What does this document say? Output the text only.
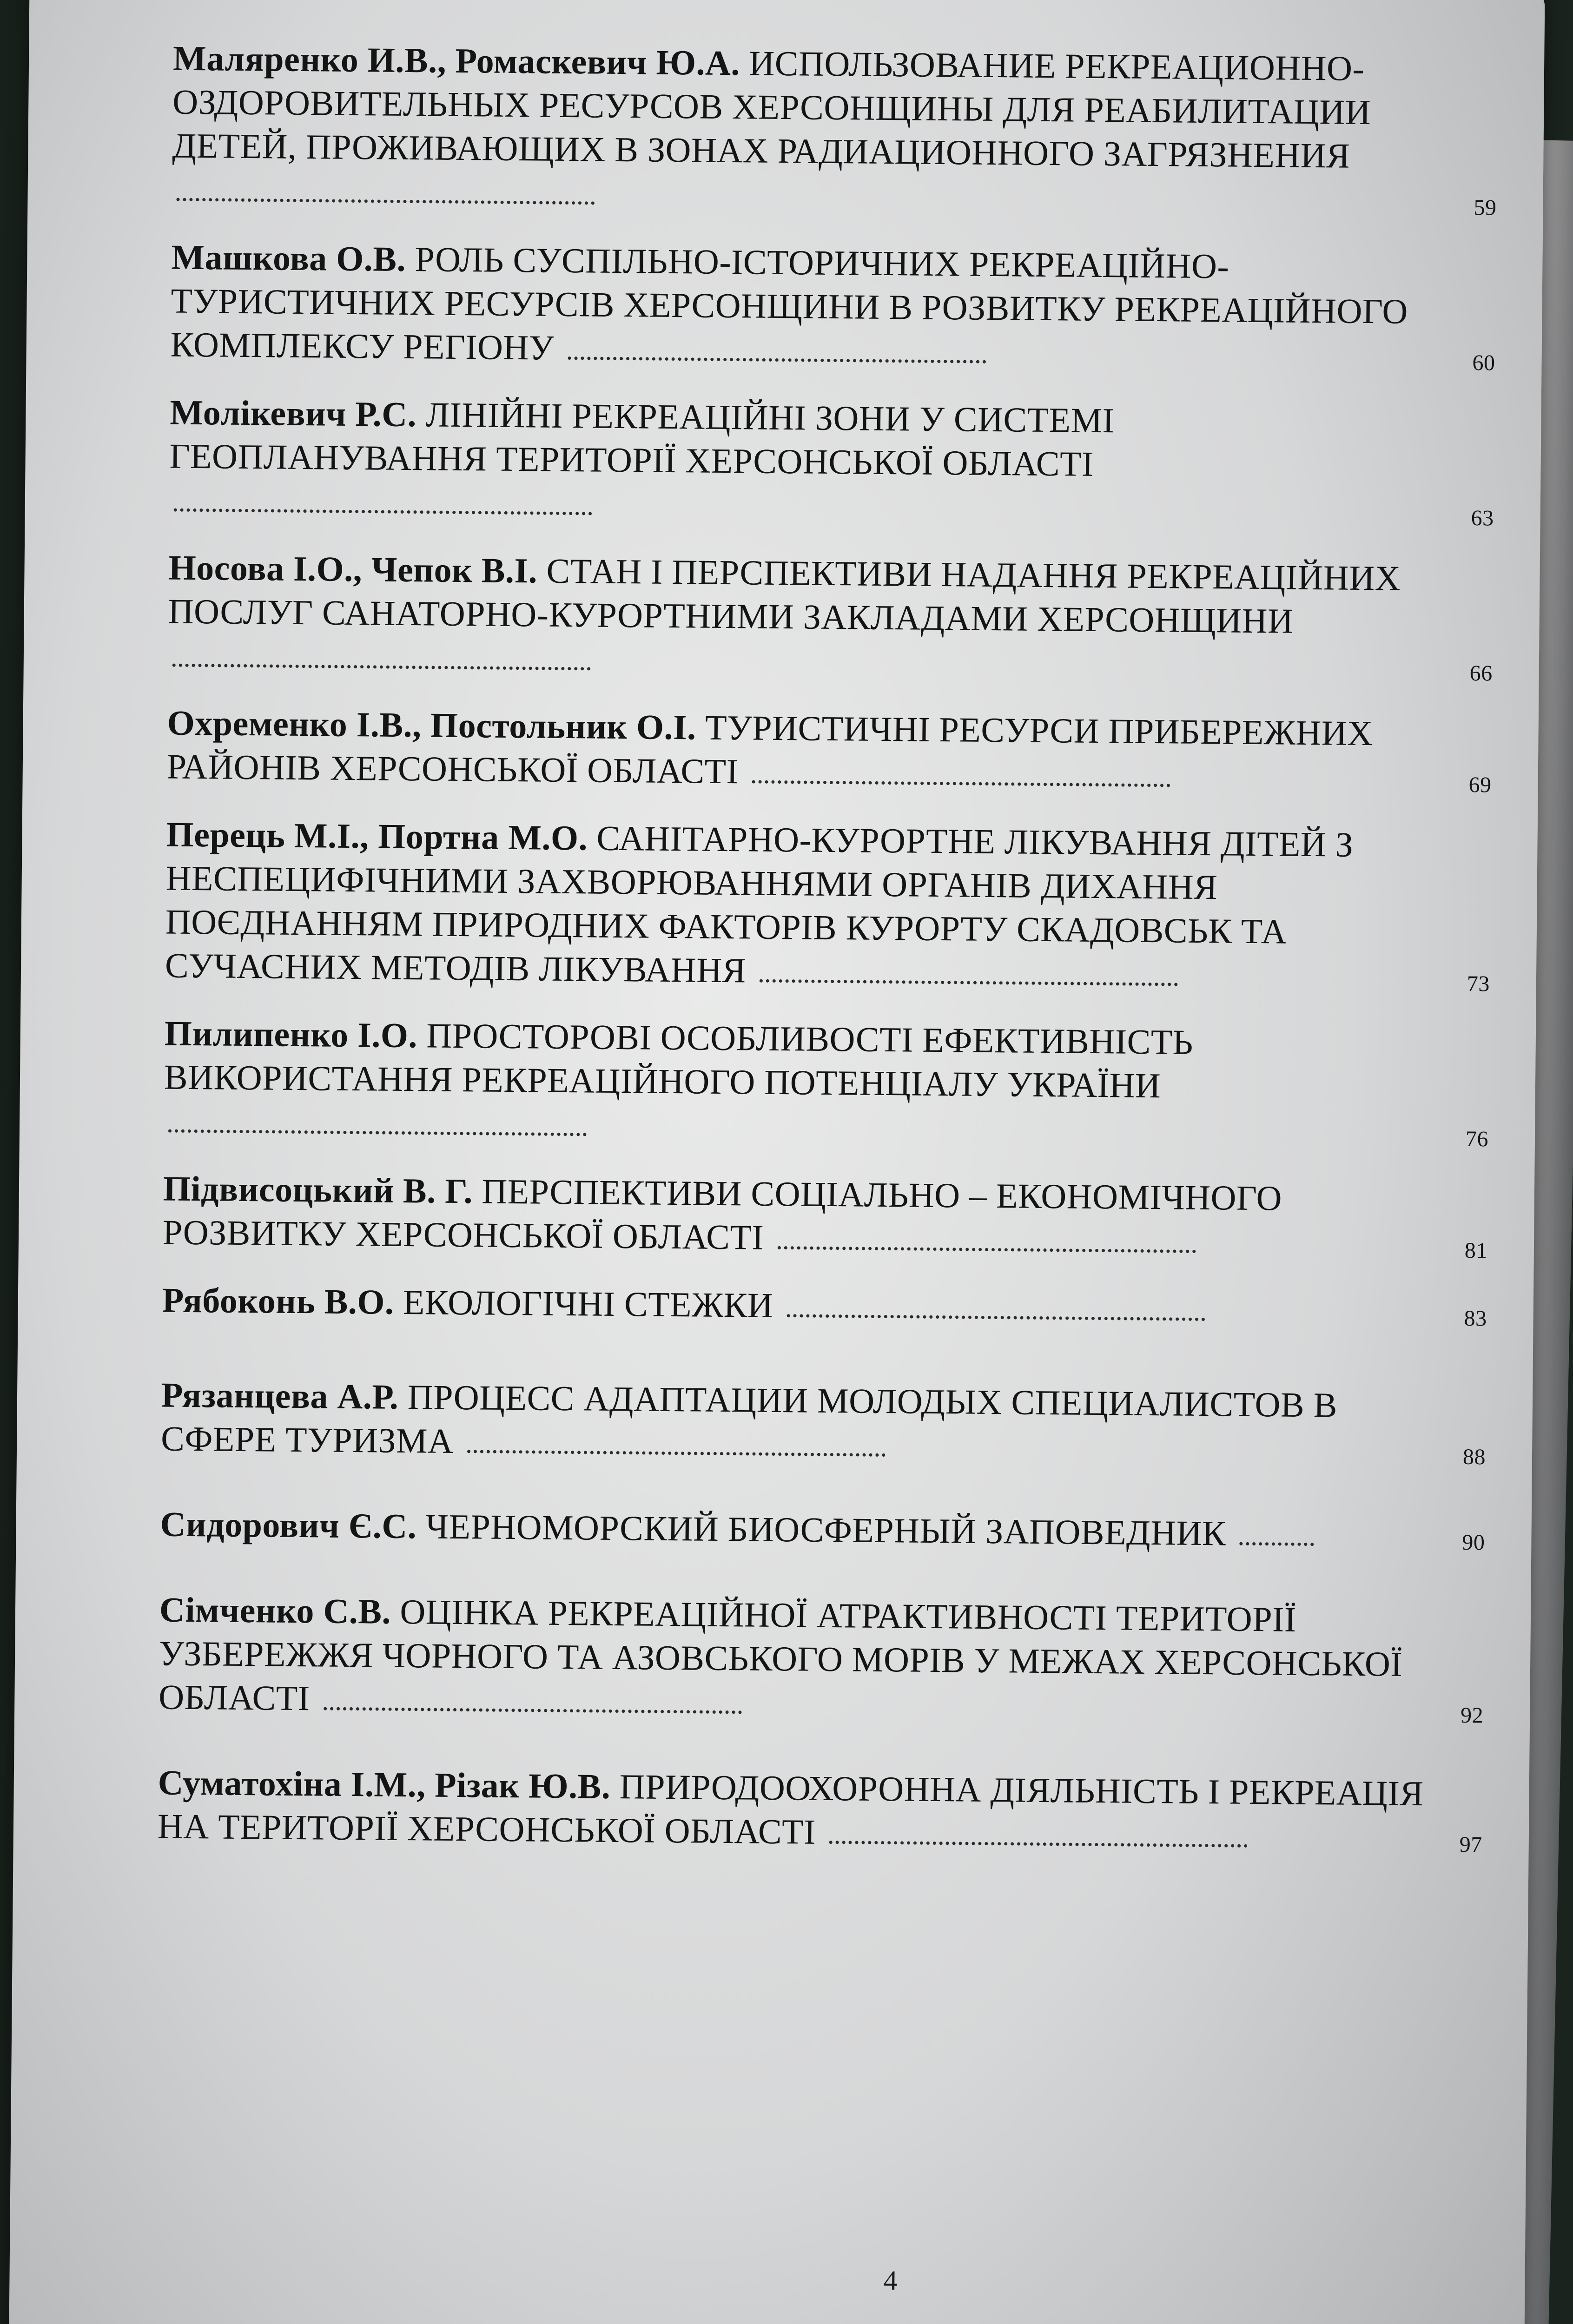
Маляренко И.В., Ромаскевич Ю.А. ИСПОЛЬЗОВАНИЕ РЕКРЕАЦИОННО-ОЗДОРОВИТЕЛЬНЫХ РЕСУРСОВ ХЕРСОНЩИНЫ ДЛЯ РЕАБИЛИТАЦИИ ДЕТЕЙ, ПРОЖИВАЮЩИХ В ЗОНАХ РАДИАЦИОННОГО ЗАГРЯЗНЕНИЯ
59

Машкова О.В. РОЛЬ СУСПІЛЬНО-ІСТОРИЧНИХ РЕКРЕАЦІЙНО-ТУРИСТИЧНИХ РЕСУРСІВ ХЕРСОНЩИНИ В РОЗВИТКУ РЕКРЕАЦІЙНОГО КОМПЛЕКСУ РЕГІОНУ	60

Молікевич Р.С. ЛІНІЙНІ РЕКРЕАЦІЙНІ ЗОНИ У СИСТЕМІ ГЕОПЛАНУВАННЯ ТЕРИТОРІЇ ХЕРСОНСЬКОЇ ОБЛАСТІ
63

Носова І.О., Чепок В.І. СТАН І ПЕРСПЕКТИВИ НАДАННЯ РЕКРЕАЦІЙНИХ ПОСЛУГ САНАТОРНО-КУРОРТНИМИ ЗАКЛАДАМИ ХЕРСОНЩИНИ
66

Охременко І.В., Постольник О.І. ТУРИСТИЧНІ РЕСУРСИ ПРИБЕРЕЖНИХ РАЙОНІВ ХЕРСОНСЬКОЇ ОБЛАСТІ	69

Перець М.І., Портна М.О. САНІТАРНО-КУРОРТНЕ ЛІКУВАННЯ ДІТЕЙ З НЕСПЕЦИФІЧНИМИ ЗАХВОРЮВАННЯМИ ОРГАНІВ ДИХАННЯ ПОЄДНАННЯМ ПРИРОДНИХ ФАКТОРІВ КУРОРТУ СКАДОВСЬК ТА СУЧАСНИХ МЕТОДІВ ЛІКУВАННЯ	73

Пилипенко І.О. ПРОСТОРОВІ ОСОБЛИВОСТІ ЕФЕКТИВНІСТЬ ВИКОРИСТАННЯ РЕКРЕАЦІЙНОГО ПОТЕНЦІАЛУ УКРАЇНИ
76

Підвисоцький В. Г. ПЕРСПЕКТИВИ СОЦІАЛЬНО – ЕКОНОМІЧНОГО РОЗВИТКУ ХЕРСОНСЬКОЇ ОБЛАСТІ	81

Рябоконь В.О. ЕКОЛОГІЧНІ СТЕЖКИ	83

Рязанцева А.Р. ПРОЦЕСС АДАПТАЦИИ МОЛОДЫХ СПЕЦИАЛИСТОВ В СФЕРЕ ТУРИЗМА	88

Сидорович Є.С. ЧЕРНОМОРСКИЙ БИОСФЕРНЫЙ ЗАПОВЕДНИК	90

Сімченко С.В. ОЦІНКА РЕКРЕАЦІЙНОЇ АТРАКТИВНОСТІ ТЕРИТОРІЇ УЗБЕРЕЖЖЯ ЧОРНОГО ТА АЗОВСЬКОГО МОРІВ У МЕЖАХ ХЕРСОНСЬКОЇ ОБЛАСТІ	92

Суматохіна І.М., Різак Ю.В. ПРИРОДООХОРОННА ДІЯЛЬНІСТЬ І РЕКРЕАЦІЯ НА ТЕРИТОРІЇ ХЕРСОНСЬКОЇ ОБЛАСТІ	97

4
